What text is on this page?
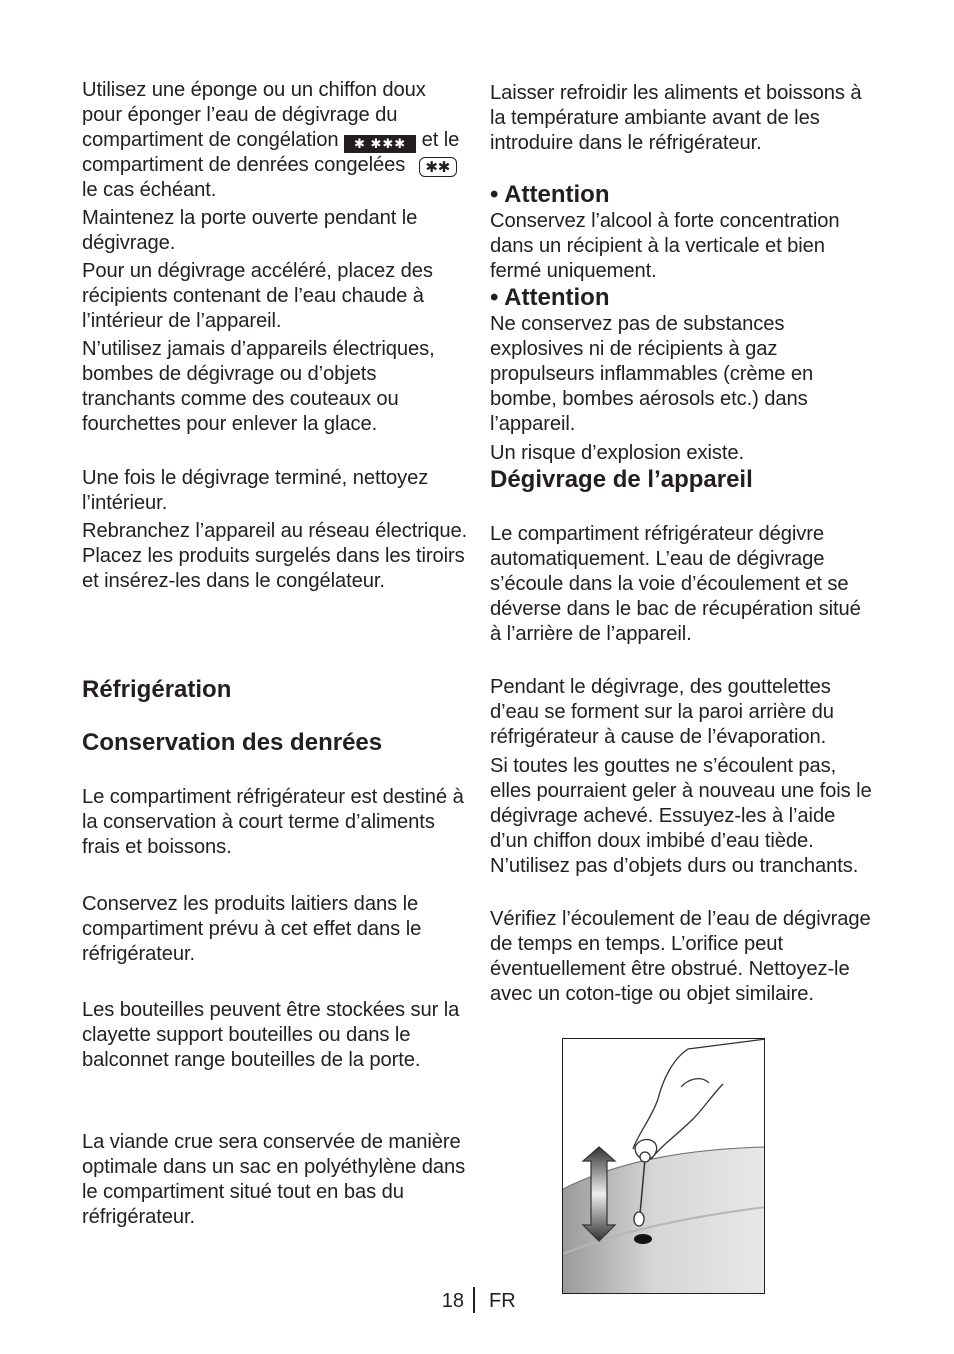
Utilisez une éponge ou un chiffon doux pour éponger l’eau de dégivrage du compartiment de congélation ✱ ✱✱✱ et le compartiment de denrées congelées ✱✱ le cas échéant.

Maintenez la porte ouverte pendant le dégivrage.

Pour un dégivrage accéléré, placez des récipients contenant de l’eau chaude à l’intérieur de l’appareil.

N’utilisez jamais d’appareils électriques, bombes de dégivrage ou d’objets tranchants comme des couteaux ou fourchettes pour enlever la glace.

Une fois le dégivrage terminé, nettoyez l’intérieur.

Rebranchez l’appareil au réseau électrique. Placez les produits surgelés dans les tiroirs et insérez-les dans le congélateur.

Réfrigération
Conservation des denrées

Le compartiment réfrigérateur est destiné à la conservation à court terme d’aliments frais et boissons.

Conservez les produits laitiers dans le compartiment prévu à cet effet dans le réfrigérateur.

Les bouteilles peuvent être stockées sur la clayette support bouteilles ou dans le balconnet range bouteilles de la porte.

La viande crue sera conservée de manière optimale dans un sac en polyéthylène dans le compartiment situé tout en bas du réfrigérateur.

Laisser refroidir les aliments et boissons à la température ambiante avant de les introduire dans le réfrigérateur.

• Attention

Conservez l’alcool à forte concentration dans un récipient à la verticale et bien fermé uniquement.

• Attention

Ne conservez pas de substances explosives ni de récipients à gaz propulseurs inflammables (crème en bombe, bombes aérosols etc.) dans l’appareil.

Un risque d’explosion existe.

Dégivrage de l’appareil

Le compartiment réfrigérateur dégivre automatiquement. L’eau de dégivrage s’écoule dans la voie d’écoulement et se déverse dans le bac de récupération situé à l’arrière de l’appareil.

Pendant le dégivrage, des gouttelettes d’eau se forment sur la paroi arrière du réfrigérateur à cause de l’évaporation.

Si toutes les gouttes ne s’écoulent pas, elles pourraient geler à nouveau une fois le dégivrage achevé. Essuyez-les à l’aide d’un chiffon doux imbibé d’eau tiède. N’utilisez pas d’objets durs ou tranchants.

Vérifiez l’écoulement de l’eau de dégivrage de temps en temps. L’orifice peut éventuellement être obstrué. Nettoyez-le avec un coton-tige ou objet similaire.

18 FR
